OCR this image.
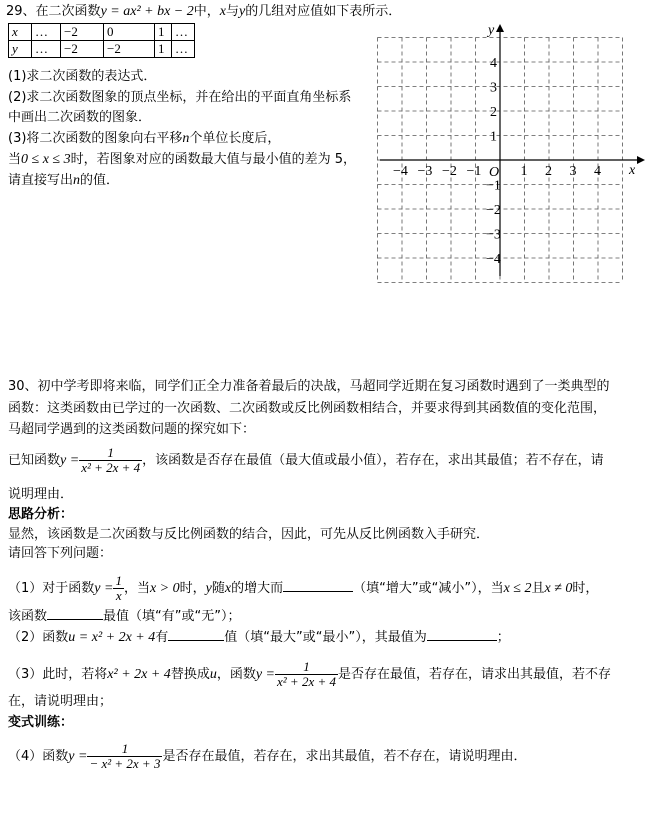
29、在二次函数y = ax² + bx − 2中，x与y的几组对应值如下表所示．
x	…	−2	0	1	…
y	…	−2	−2	1	…
(1)求二次函数的表达式．
(2)求二次函数图象的顶点坐标，并在给出的平面直角坐标系
中画出二次函数的图象．
(3)将二次函数的图象向右平移n个单位长度后，
当0 ≤ x ≤ 3时，若图象对应的函数最大值与最小值的差为 5，
请直接写出n的值．
y
x
O
−4 −3 −2 −1	1 2 3 4
4
3
2
1
−1
−2
−3
−4
30、初中学考即将来临，同学们正全力准备着最后的决战，马超同学近期在复习函数时遇到了一类典型的
函数：这类函数由已学过的一次函数、二次函数或反比例函数相结合，并要求得到其函数值的变化范围，
马超同学遇到的这类函数问题的探究如下：
已知函数$y = \frac{1}{\text{x² + 2x + 4}}$ ，该函数是否存在最值（最大值或最小值），若存在，求出其最值；若不存在，请
说明理由．
思路分析：
显然，该函数是二次函数与反比例函数的结合，因此，可先从反比例函数入手研究．
请回答下列问题：
（1）对于函数$y = \frac{1}{x}$ ，当x > 0时，y随x的增大而	（填“增大”或“减小”），当x ≤ 2且x ≠ 0时，
该函数	最值（填“有”或“无”）；
（2）函数u = x² + 2x + 4有	值（填“最大”或“最小”），其最值为	；
（3）此时，若将x² + 2x + 4替换成u，函数$y = \frac{1}{\text{x² + 2x + 4}}$ 是否存在最值，若存在，请求出其最值，若不存
在，请说明理由；
变式训练：
（4）函数$y = \frac{1}{\text{− x² + 2x + 3}}$ 是否存在最值，若存在，求出其最值，若不存在，请说明理由．
